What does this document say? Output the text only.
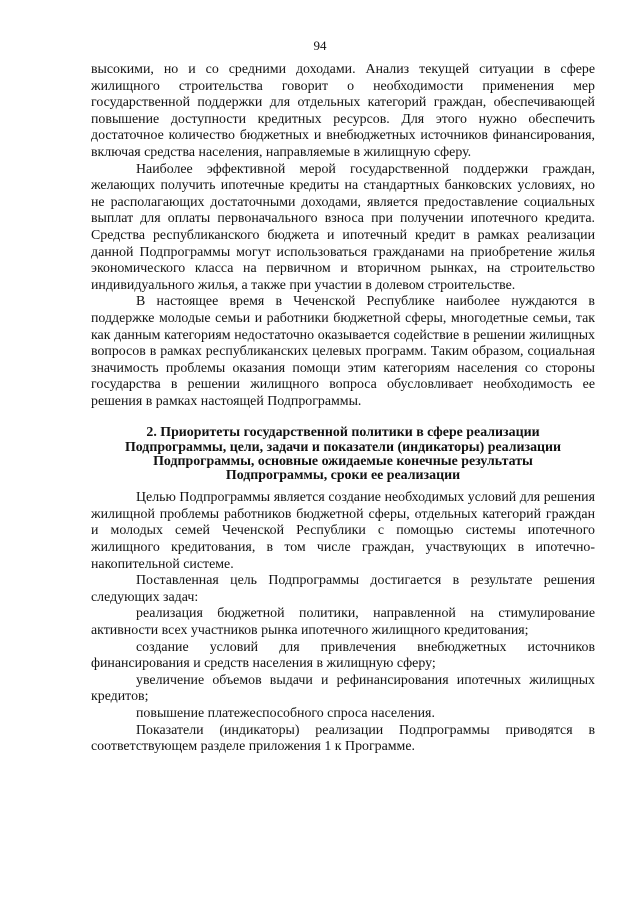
94

высокими, но и со средними доходами. Анализ текущей ситуации в сфере жилищного строительства говорит о необходимости применения мер государственной поддержки для отдельных категорий граждан, обеспечивающей повышение доступности кредитных ресурсов. Для этого нужно обеспечить достаточное количество бюджетных и внебюджетных источников финансирования, включая средства населения, направляемые в жилищную сферу.

Наиболее эффективной мерой государственной поддержки граждан, желающих получить ипотечные кредиты на стандартных банковских условиях, но не располагающих достаточными доходами, является предоставление социальных выплат для оплаты первоначального взноса при получении ипотечного кредита. Средства республиканского бюджета и ипотечный кредит в рамках реализации данной Подпрограммы могут использоваться гражданами на приобретение жилья экономического класса на первичном и вторичном рынках, на строительство индивидуального жилья, а также при участии в долевом строительстве.

В настоящее время в Чеченской Республике наиболее нуждаются в поддержке молодые семьи и работники бюджетной сферы, многодетные семьи, так как данным категориям недостаточно оказывается содействие в решении жилищных вопросов в рамках республиканских целевых программ. Таким образом, социальная значимость проблемы оказания помощи этим категориям населения со стороны государства в решении жилищного вопроса обусловливает необходимость ее решения в рамках настоящей Подпрограммы.

2. Приоритеты государственной политики в сфере реализации
Подпрограммы, цели, задачи и показатели (индикаторы) реализации
Подпрограммы, основные ожидаемые конечные результаты
Подпрограммы, сроки ее реализации

Целью Подпрограммы является создание необходимых условий для решения жилищной проблемы работников бюджетной сферы, отдельных категорий граждан и молодых семей Чеченской Республики с помощью системы ипотечного жилищного кредитования, в том числе граждан, участвующих в ипотечно-накопительной системе.

Поставленная цель Подпрограммы достигается в результате решения следующих задач:

реализация бюджетной политики, направленной на стимулирование активности всех участников рынка ипотечного жилищного кредитования;

создание условий для привлечения внебюджетных источников финансирования и средств населения в жилищную сферу;

увеличение объемов выдачи и рефинансирования ипотечных жилищных кредитов;

повышение платежеспособного спроса населения.

Показатели (индикаторы) реализации Подпрограммы приводятся в соответствующем разделе приложения 1 к Программе.
